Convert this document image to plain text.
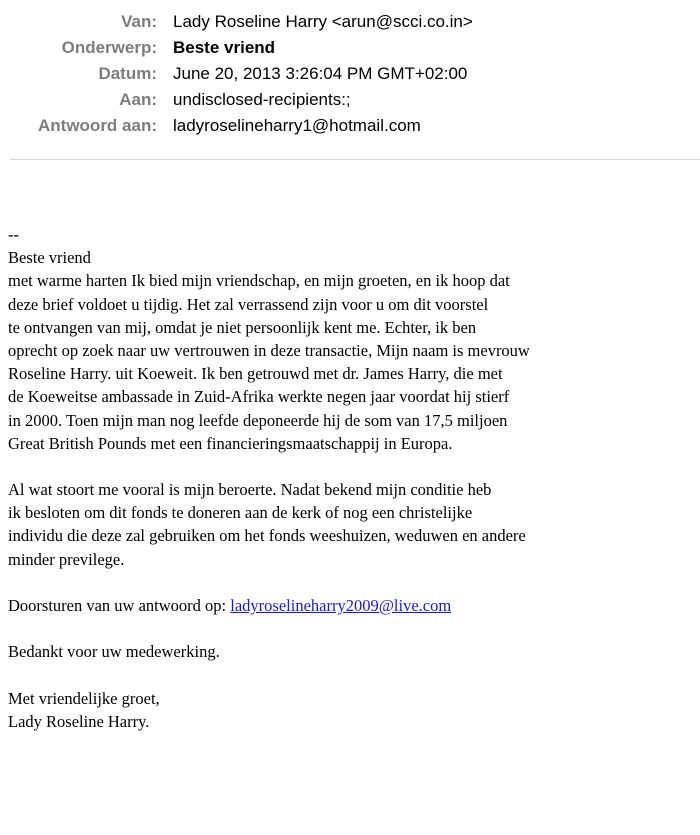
Van: Lady Roseline Harry <arun@scci.co.in>
Onderwerp: Beste vriend
Datum: June 20, 2013 3:26:04 PM GMT+02:00
Aan: undisclosed-recipients:;
Antwoord aan: ladyroselineharry1@hotmail.com
--
Beste vriend
met warme harten Ik bied mijn vriendschap, en mijn groeten, en ik hoop dat
deze brief voldoet u tijdig. Het zal verrassend zijn voor u om dit voorstel
te ontvangen van mij, omdat je niet persoonlijk kent me. Echter, ik ben
oprecht op zoek naar uw vertrouwen in deze transactie, Mijn naam is mevrouw
Roseline Harry. uit Koeweit. Ik ben getrouwd met dr. James Harry, die met
de Koeweitse ambassade in Zuid-Afrika werkte negen jaar voordat hij stierf
in 2000. Toen mijn man nog leefde deponeerde hij de som van 17,5 miljoen
Great British Pounds met een financieringsmaatschappij in Europa.
Al wat stoort me vooral is mijn beroerte. Nadat bekend mijn conditie heb
ik besloten om dit fonds te doneren aan de kerk of nog een christelijke
individu die deze zal gebruiken om het fonds weeshuizen, weduwen en andere
minder previlege.
Doorsturen van uw antwoord op: ladyroselineharry2009@live.com
Bedankt voor uw medewerking.
Met vriendelijke groet,
Lady Roseline Harry.
